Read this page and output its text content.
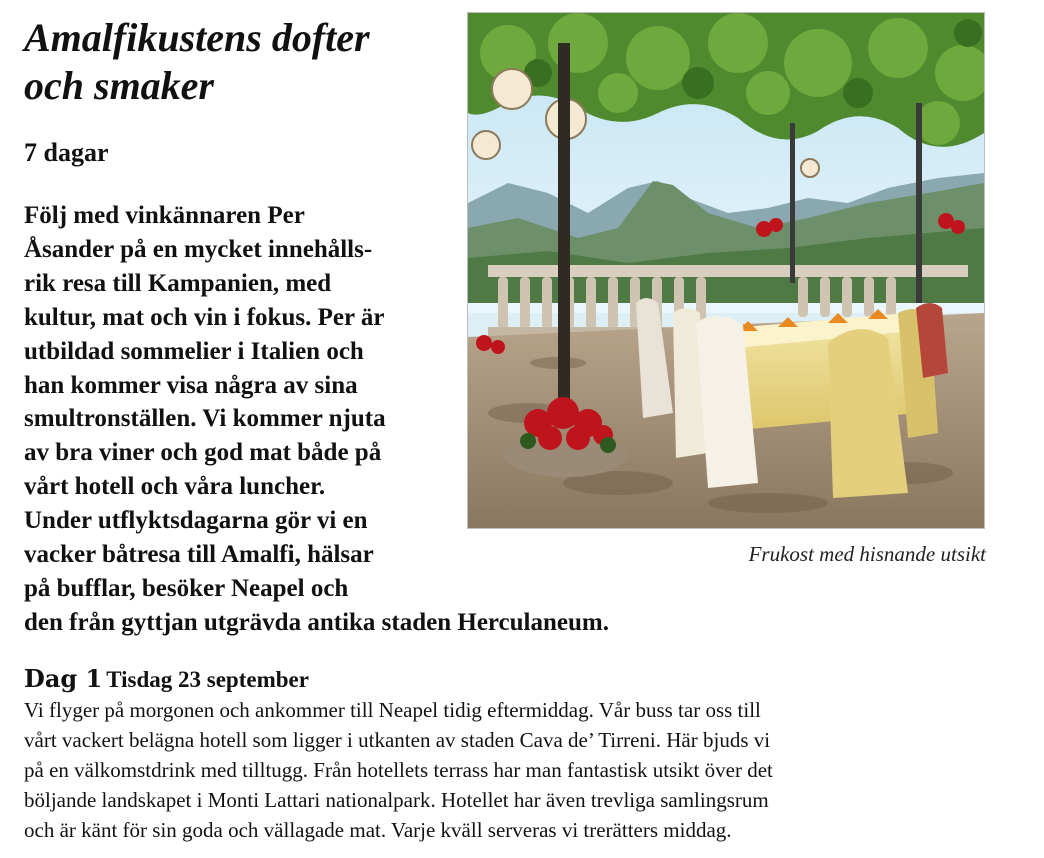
Amalfikustens dofter
och smaker

7 dagar

Följ med vinkännaren Per
Åsander på en mycket innehålls-
rik resa till Kampanien, med
kultur, mat och vin i fokus. Per är
utbildad sommelier i Italien och
han kommer visa några av sina
smultronställen. Vi kommer njuta
av bra viner och god mat både på
vårt hotell och våra luncher.
Under utflyktsdagarna gör vi en
vacker båtresa till Amalfi, hälsar
på bufflar, besöker Neapel och
den från gyttjan utgrävda antika staden Herculaneum.

Frukost med hisnande utsikt

Dag 1 Tisdag 23 september

Vi flyger på morgonen och ankommer till Neapel tidig eftermiddag. Vår buss tar oss till
vårt vackert belägna hotell som ligger i utkanten av staden Cava de’ Tirreni. Här bjuds vi
på en välkomstdrink med tilltugg. Från hotellets terrass har man fantastisk utsikt över det
böljande landskapet i Monti Lattari nationalpark. Hotellet har även trevliga samlingsrum
och är känt för sin goda och vällagade mat. Varje kväll serveras vi trerätters middag.
